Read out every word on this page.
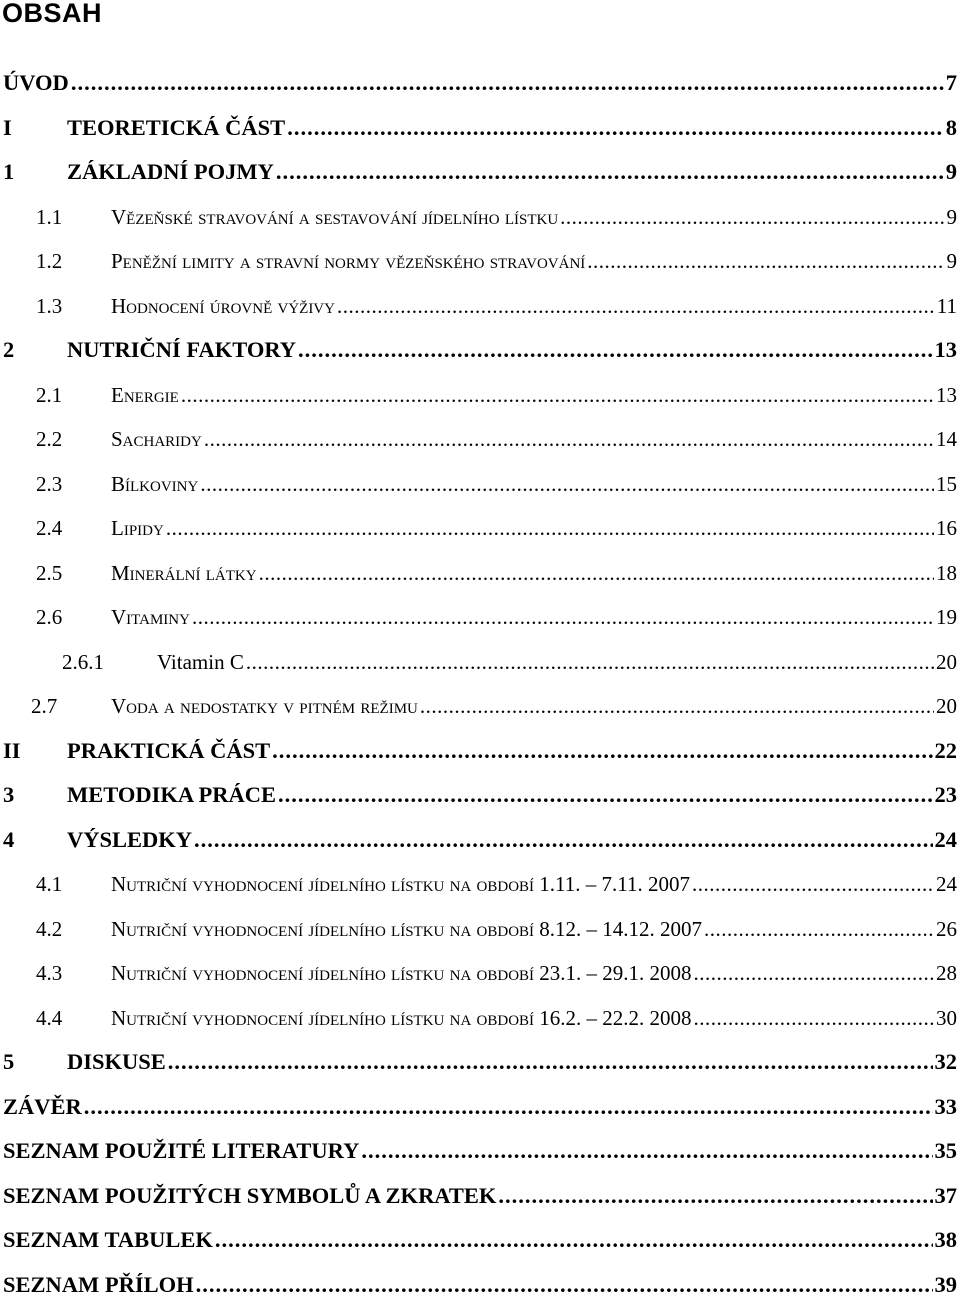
OBSAH
ÚVOD .....	7
I	TEORETICKÁ ČÁST .....	8
1	ZÁKLADNÍ POJMY .....	9
1.1	Vězeňské stravování a sestavování jídelního lístku .....	9
1.2	Peněžní limity a stravní normy vězeňského stravování .....	9
1.3	Hodnocení úrovně výživy .....	11
2	NUTRIČNÍ FAKTORY .....	13
2.1	Energie .....	13
2.2	Sacharidy .....	14
2.3	Bílkoviny .....	15
2.4	Lipidy .....	16
2.5	Minerální látky .....	18
2.6	Vitaminy .....	19
2.6.1	Vitamin C .....	20
2.7	Voda a nedostatky v pitném režimu .....	20
II	PRAKTICKÁ ČÁST .....	22
3	METODIKA PRÁCE .....	23
4	VÝSLEDKY .....	24
4.1	Nutriční vyhodnocení jídelního lístku na období 1.11. – 7.11. 2007 .....	24
4.2	Nutriční vyhodnocení jídelního lístku na období 8.12. – 14.12. 2007 .....	26
4.3	Nutriční vyhodnocení jídelního lístku na období 23.1. – 29.1. 2008 .....	28
4.4	Nutriční vyhodnocení jídelního lístku na období 16.2. – 22.2. 2008 .....	30
5	DISKUSE .....	32
ZÁVĚR .....	33
SEZNAM POUŽITÉ LITERATURY .....	35
SEZNAM POUŽITÝCH SYMBOLŮ A ZKRATEK .....	37
SEZNAM TABULEK .....	38
SEZNAM PŘÍLOH .....	39
